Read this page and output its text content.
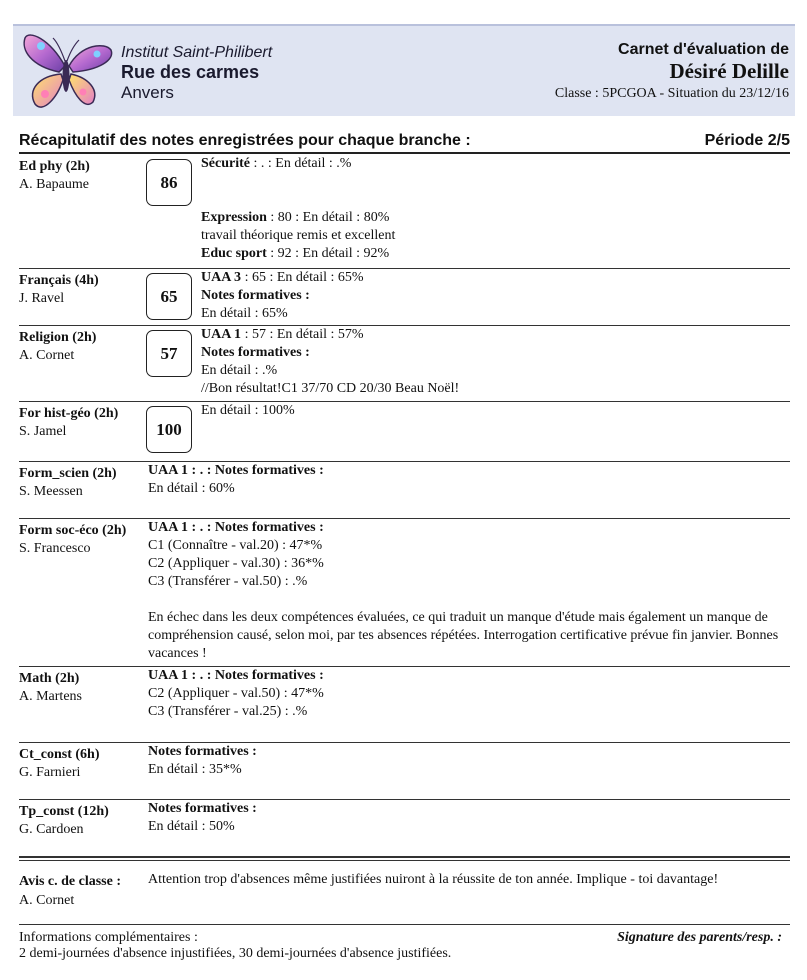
Institut Saint-Philibert
Rue des carmes
Anvers
Carnet d'évaluation de
Désiré Delille
Classe : 5PCGOA - Situation du 23/12/16
Récapitulatif des notes enregistrées pour chaque branche :	Période 2/5
Ed phy (2h)
A. Bapaume	86
Sécurité : . : En détail : .%

Expression : 80 : En détail : 80%
travail théorique remis et excellent
Educ sport : 92 : En détail : 92%
Français (4h)
J. Ravel	65
UAA 3 : 65 : En détail : 65%
Notes formatives :
En détail : 65%
Religion (2h)
A. Cornet	57
UAA 1 : 57 : En détail : 57%
Notes formatives :
En détail : .%
//Bon résultat!C1 37/70 CD 20/30 Beau Noël!
For hist-géo (2h)
S. Jamel	100
En détail : 100%
Form_scien (2h)
S. Meessen
UAA 1 : . : Notes formatives :
En détail : 60%
Form soc-éco (2h)
S. Francesco
UAA 1 : . : Notes formatives :
C1 (Connaître - val.20) : 47*%
C2 (Appliquer - val.30) : 36*%
C3 (Transférer - val.50) : .%

En échec dans les deux compétences évaluées, ce qui traduit un manque d'étude mais également un manque de compréhension causé, selon moi, par tes absences répétées. Interrogation certificative prévue fin janvier. Bonnes vacances !
Math (2h)
A. Martens
UAA 1 : . : Notes formatives :
C2 (Appliquer - val.50) : 47*%
C3 (Transférer - val.25) : .%
Ct_const (6h)
G. Farnieri
Notes formatives :
En détail : 35*%
Tp_const (12h)
G. Cardoen
Notes formatives :
En détail : 50%
Avis c. de classe :
A. Cornet
Attention trop d'absences même justifiées nuiront à la réussite de ton année. Implique - toi davantage!
Informations complémentaires :
2 demi-journées d'absence injustifiées, 30 demi-journées d'absence justifiées.
Signature des parents/resp. :
